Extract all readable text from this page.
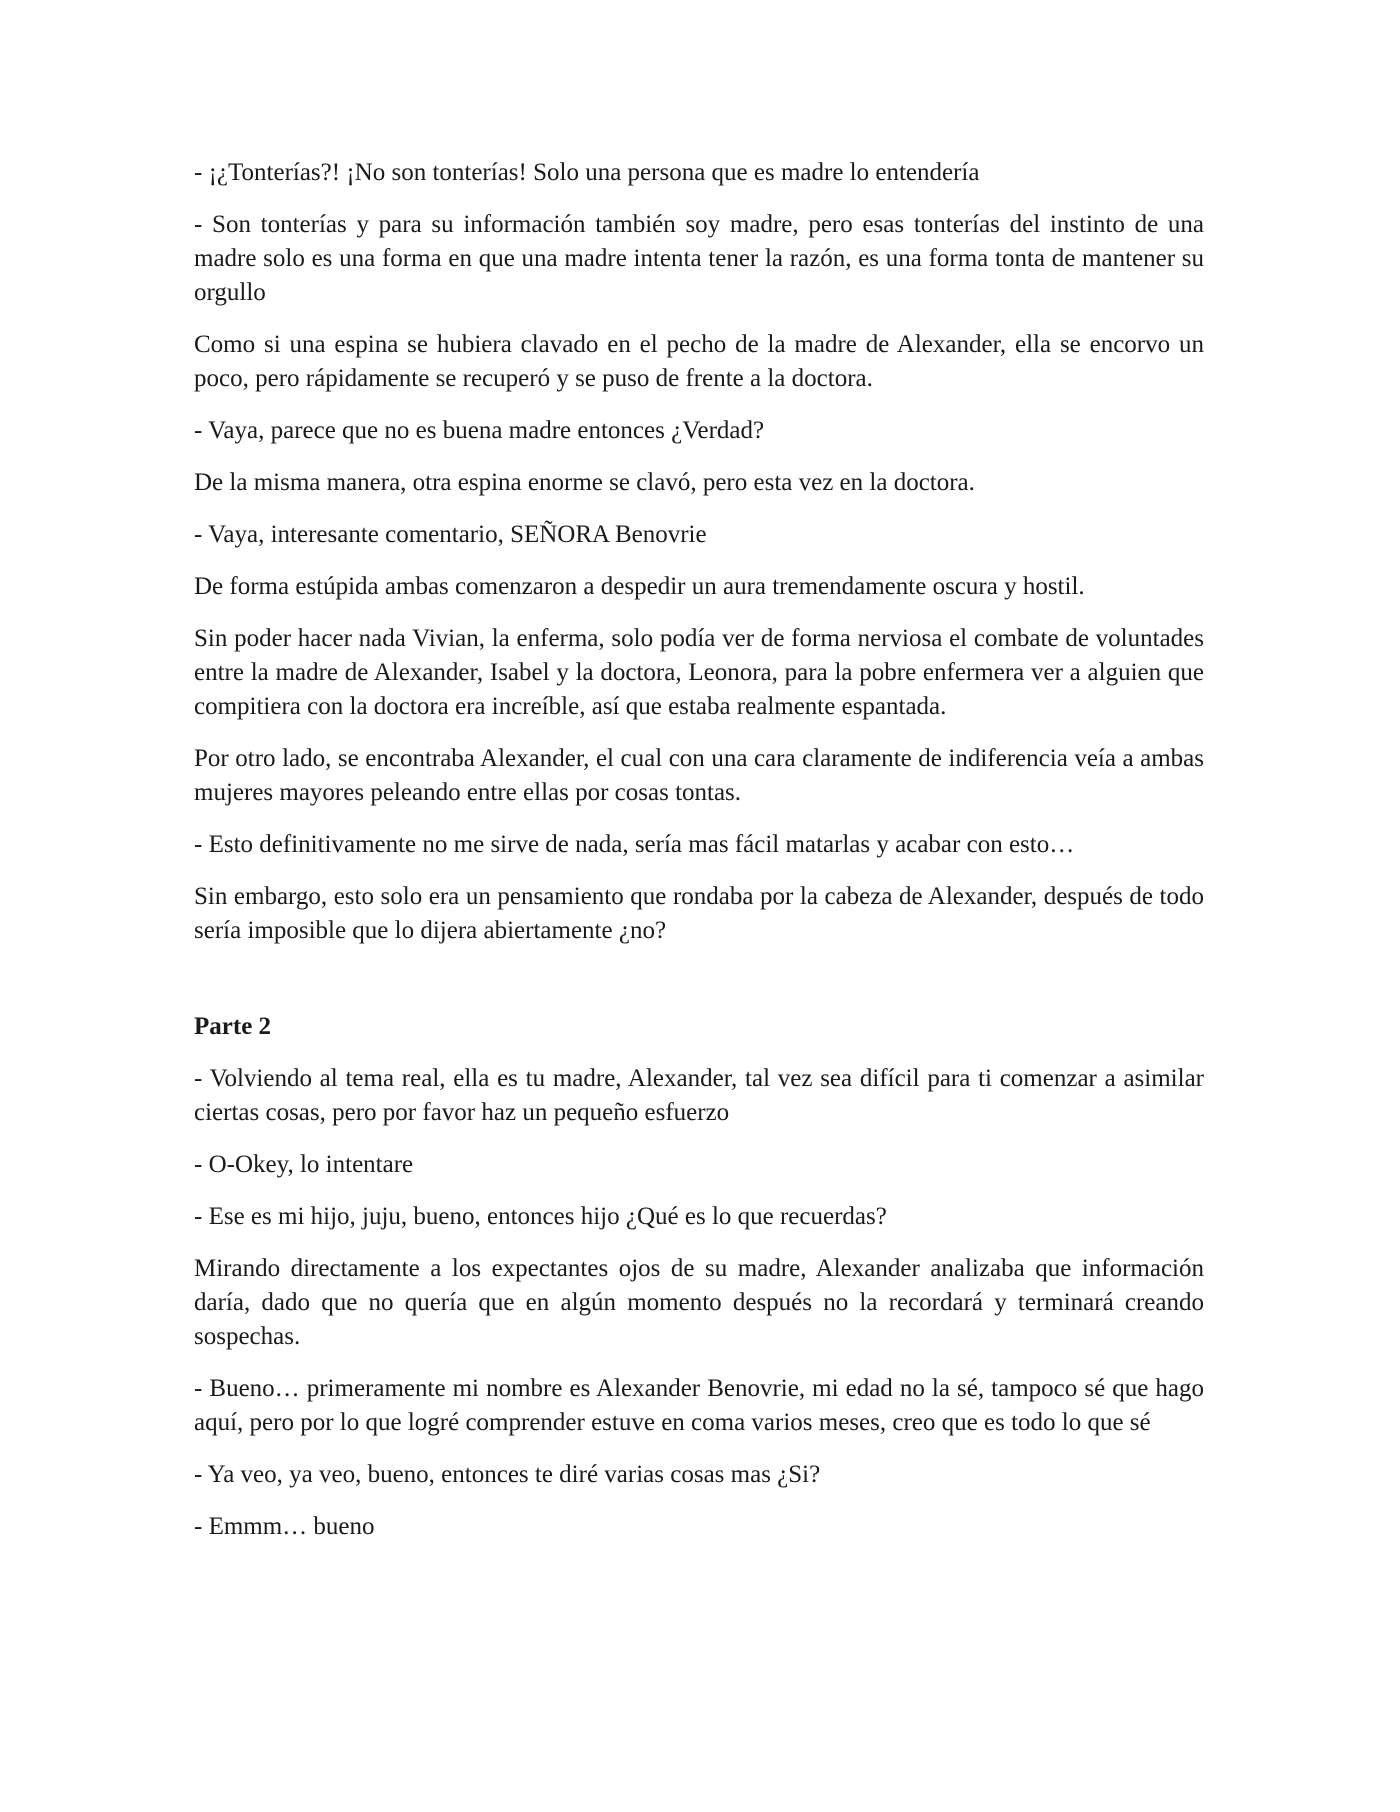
- ¡¿Tonterías?! ¡No son tonterías! Solo una persona que es madre lo entendería

- Son tonterías y para su información también soy madre, pero esas tonterías del instinto de una madre solo es una forma en que una madre intenta tener la razón, es una forma tonta de mantener su orgullo

Como si una espina se hubiera clavado en el pecho de la madre de Alexander, ella se encorvo un poco, pero rápidamente se recuperó y se puso de frente a la doctora.

- Vaya, parece que no es buena madre entonces ¿Verdad?

De la misma manera, otra espina enorme se clavó, pero esta vez en la doctora.

- Vaya, interesante comentario, SEÑORA Benovrie

De forma estúpida ambas comenzaron a despedir un aura tremendamente oscura y hostil.

Sin poder hacer nada Vivian, la enferma, solo podía ver de forma nerviosa el combate de voluntades entre la madre de Alexander, Isabel y la doctora, Leonora, para la pobre enfermera ver a alguien que compitiera con la doctora era increíble, así que estaba realmente espantada.

Por otro lado, se encontraba Alexander, el cual con una cara claramente de indiferencia veía a ambas mujeres mayores peleando entre ellas por cosas tontas.

- Esto definitivamente no me sirve de nada, sería mas fácil matarlas y acabar con esto…

Sin embargo, esto solo era un pensamiento que rondaba por la cabeza de Alexander, después de todo sería imposible que lo dijera abiertamente ¿no?

Parte 2

- Volviendo al tema real, ella es tu madre, Alexander, tal vez sea difícil para ti comenzar a asimilar ciertas cosas, pero por favor haz un pequeño esfuerzo

- O-Okey, lo intentare

- Ese es mi hijo, juju, bueno, entonces hijo ¿Qué es lo que recuerdas?

Mirando directamente a los expectantes ojos de su madre, Alexander analizaba que información daría, dado que no quería que en algún momento después no la recordará y terminará creando sospechas.

- Bueno… primeramente mi nombre es Alexander Benovrie, mi edad no la sé, tampoco sé que hago aquí, pero por lo que logré comprender estuve en coma varios meses, creo que es todo lo que sé

- Ya veo, ya veo, bueno, entonces te diré varias cosas mas ¿Si?

- Emmm… bueno
